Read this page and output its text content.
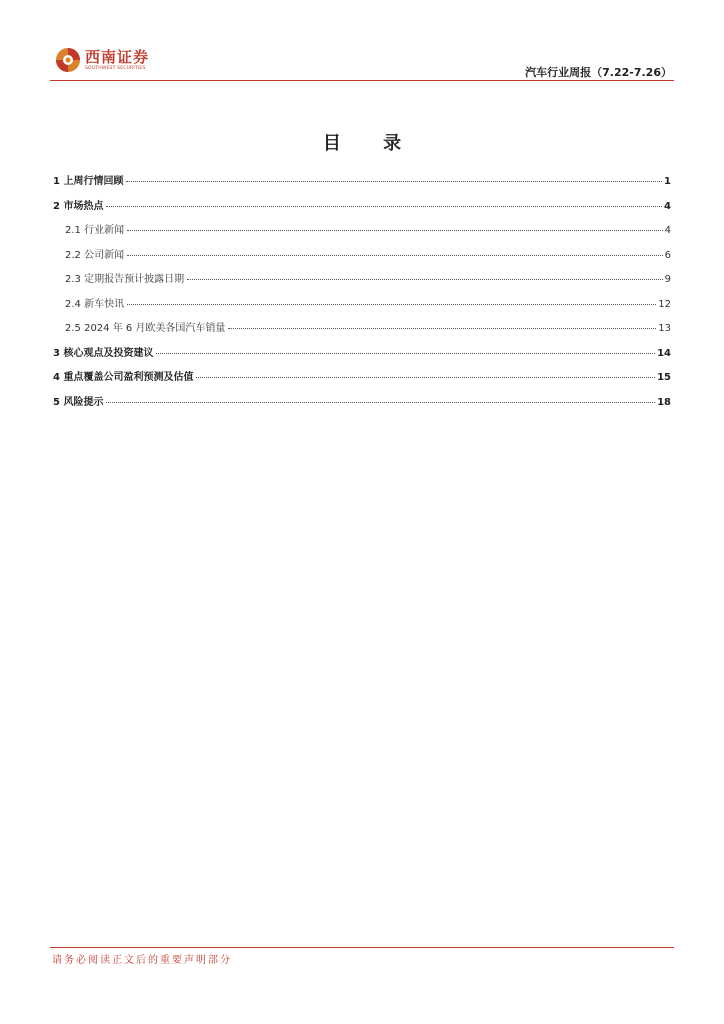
西南证券
SOUTHWEST SECURITIES	汽车行业周报（7.22-7.26）
目 录
1 上周行情回顾	1
2 市场热点	4
2.1 行业新闻	4
2.2 公司新闻	6
2.3 定期报告预计披露日期	9
2.4 新车快讯	12
2.5 2024 年 6 月欧美各国汽车销量	13
3 核心观点及投资建议	14
4 重点覆盖公司盈利预测及估值	15
5 风险提示	18
请务必阅读正文后的重要声明部分
